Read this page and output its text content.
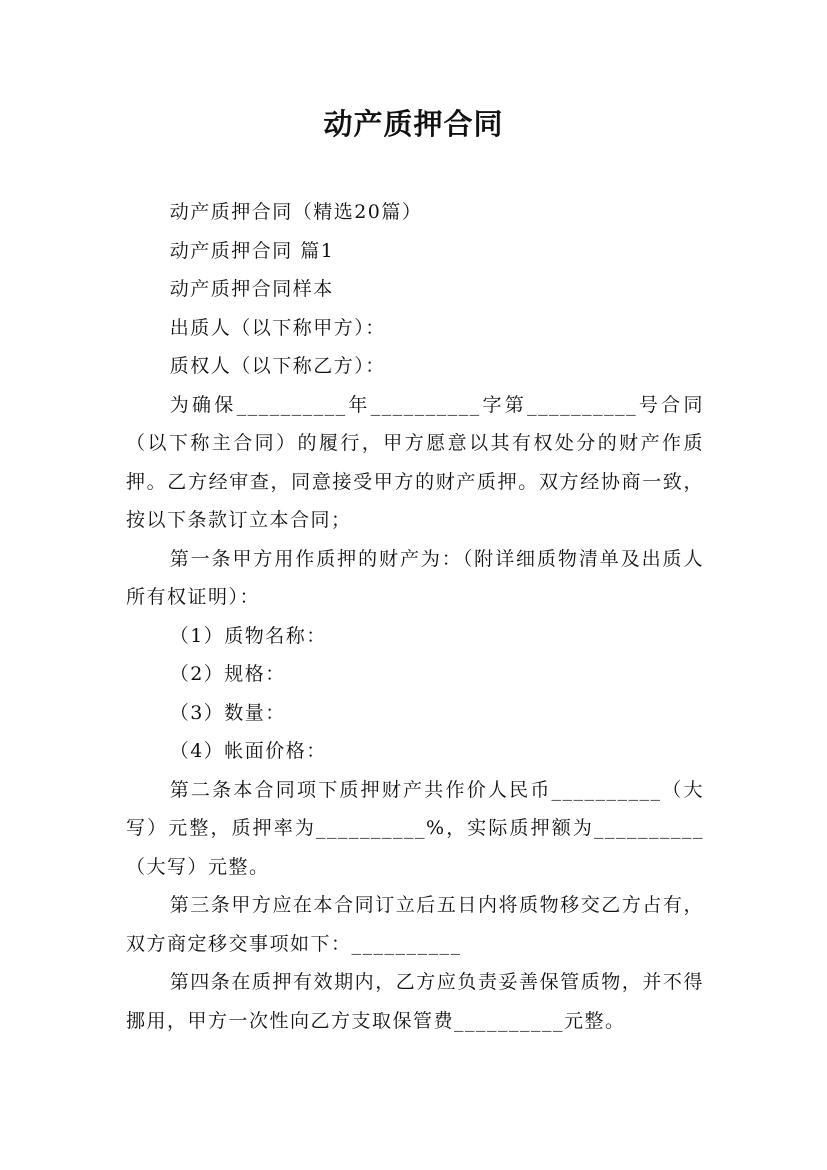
动产质押合同

动产质押合同（精选20篇）

动产质押合同 篇1

动产质押合同样本

出质人（以下称甲方）：

质权人（以下称乙方）：

为确保__________年__________字第__________号合同（以下称主合同）的履行，甲方愿意以其有权处分的财产作质押。乙方经审查，同意接受甲方的财产质押。双方经协商一致，按以下条款订立本合同；

第一条甲方用作质押的财产为：（附详细质物清单及出质人所有权证明）：

（1）质物名称：

（2）规格：

（3）数量：

（4）帐面价格：

第二条本合同项下质押财产共作价人民币__________（大写）元整，质押率为__________%，实际质押额为__________（大写）元整。

第三条甲方应在本合同订立后五日内将质物移交乙方占有，双方商定移交事项如下：__________

第四条在质押有效期内，乙方应负责妥善保管质物，并不得挪用，甲方一次性向乙方支取保管费__________元整。
